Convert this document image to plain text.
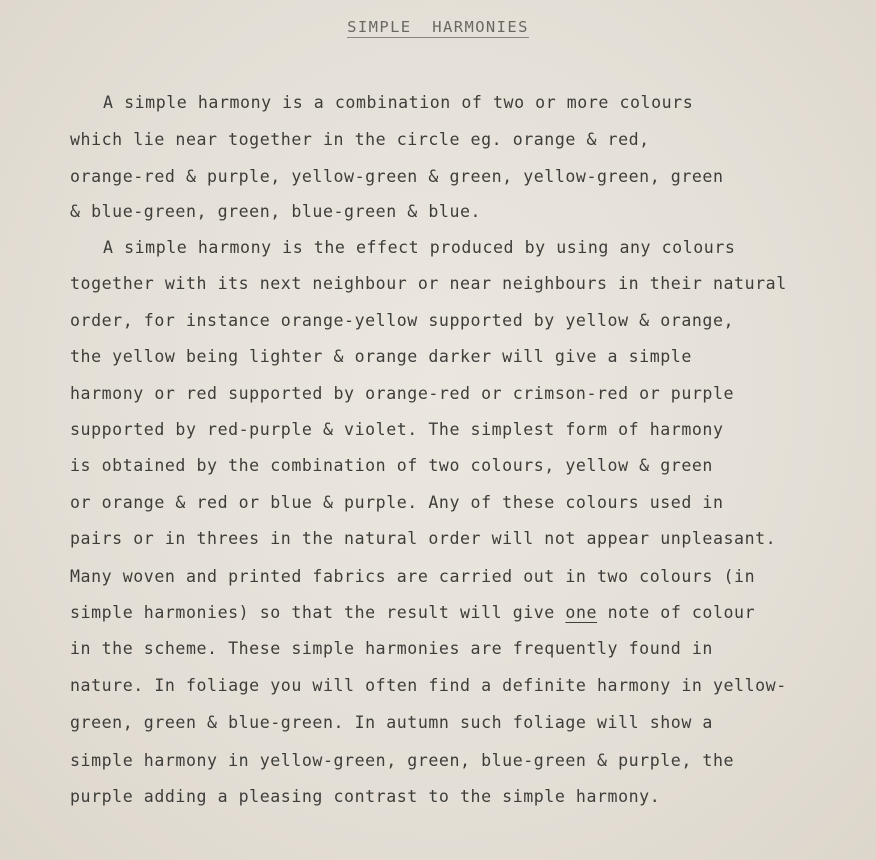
SIMPLE HARMONIES
A simple harmony is a combination of two or more colours
which lie near together in the circle eg. orange & red,
orange-red & purple, yellow-green & green, yellow-green, green
& blue-green, green, blue-green & blue.
A simple harmony is the effect produced by using any colours
together with its next neighbour or near neighbours in their natural
order, for instance orange-yellow supported by yellow & orange,
the yellow being lighter & orange darker will give a simple
harmony or red supported by orange-red or crimson-red or purple
supported by red-purple & violet. The simplest form of harmony
is obtained by the combination of two colours, yellow & green
or orange & red or blue & purple. Any of these colours used in
pairs or in threes in the natural order will not appear unpleasant.
Many woven and printed fabrics are carried out in two colours (in
simple harmonies) so that the result will give one note of colour
in the scheme. These simple harmonies are frequently found in
nature. In foliage you will often find a definite harmony in yellow-
green, green & blue-green. In autumn such foliage will show a
simple harmony in yellow-green, green, blue-green & purple, the
purple adding a pleasing contrast to the simple harmony.
